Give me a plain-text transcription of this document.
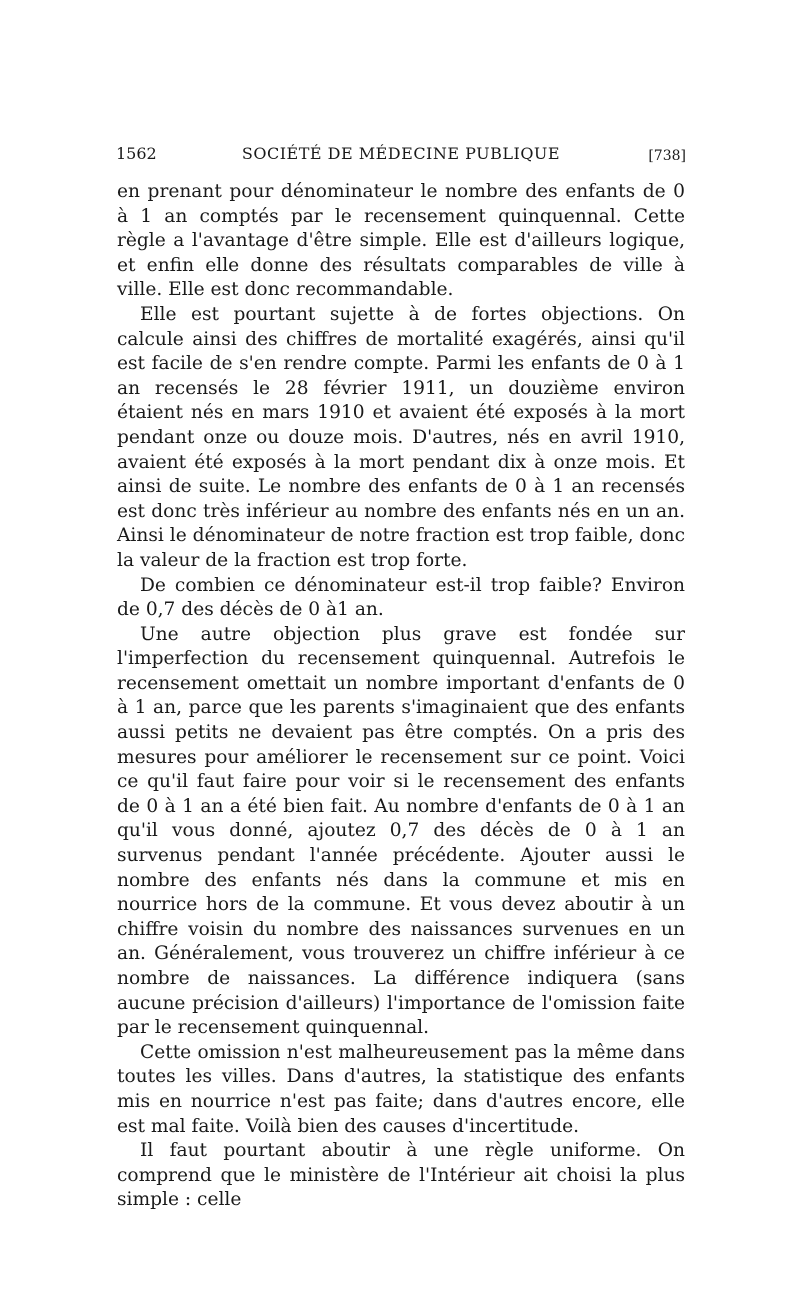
1562	SOCIÉTÉ DE MÉDECINE PUBLIQUE	[738]

en prenant pour dénominateur le nombre des enfants de 0 à 1 an comptés par le recensement quinquennal. Cette règle a l'avantage d'être simple. Elle est d'ailleurs logique, et enfin elle donne des résultats comparables de ville à ville. Elle est donc recommandable.

Elle est pourtant sujette à de fortes objections. On calcule ainsi des chiffres de mortalité exagérés, ainsi qu'il est facile de s'en rendre compte. Parmi les enfants de 0 à 1 an recensés le 28 février 1911, un douzième environ étaient nés en mars 1910 et avaient été exposés à la mort pendant onze ou douze mois. D'autres, nés en avril 1910, avaient été exposés à la mort pendant dix à onze mois. Et ainsi de suite. Le nombre des enfants de 0 à 1 an recensés est donc très inférieur au nombre des enfants nés en un an. Ainsi le dénominateur de notre fraction est trop faible, donc la valeur de la fraction est trop forte.

De combien ce dénominateur est-il trop faible? Environ de 0,7 des décès de 0 à1 an.

Une autre objection plus grave est fondée sur l'imperfection du recensement quinquennal. Autrefois le recensement omettait un nombre important d'enfants de 0 à 1 an, parce que les parents s'imaginaient que des enfants aussi petits ne devaient pas être comptés. On a pris des mesures pour améliorer le recensement sur ce point. Voici ce qu'il faut faire pour voir si le recensement des enfants de 0 à 1 an a été bien fait. Au nombre d'enfants de 0 à 1 an qu'il vous donné, ajoutez 0,7 des décès de 0 à 1 an survenus pendant l'année précédente. Ajouter aussi le nombre des enfants nés dans la commune et mis en nourrice hors de la commune. Et vous devez aboutir à un chiffre voisin du nombre des naissances survenues en un an. Généralement, vous trouverez un chiffre inférieur à ce nombre de naissances. La différence indiquera (sans aucune précision d'ailleurs) l'importance de l'omission faite par le recensement quinquennal.

Cette omission n'est malheureusement pas la même dans toutes les villes. Dans d'autres, la statistique des enfants mis en nourrice n'est pas faite; dans d'autres encore, elle est mal faite. Voilà bien des causes d'incertitude.

Il faut pourtant aboutir à une règle uniforme. On comprend que le ministère de l'Intérieur ait choisi la plus simple : celle
